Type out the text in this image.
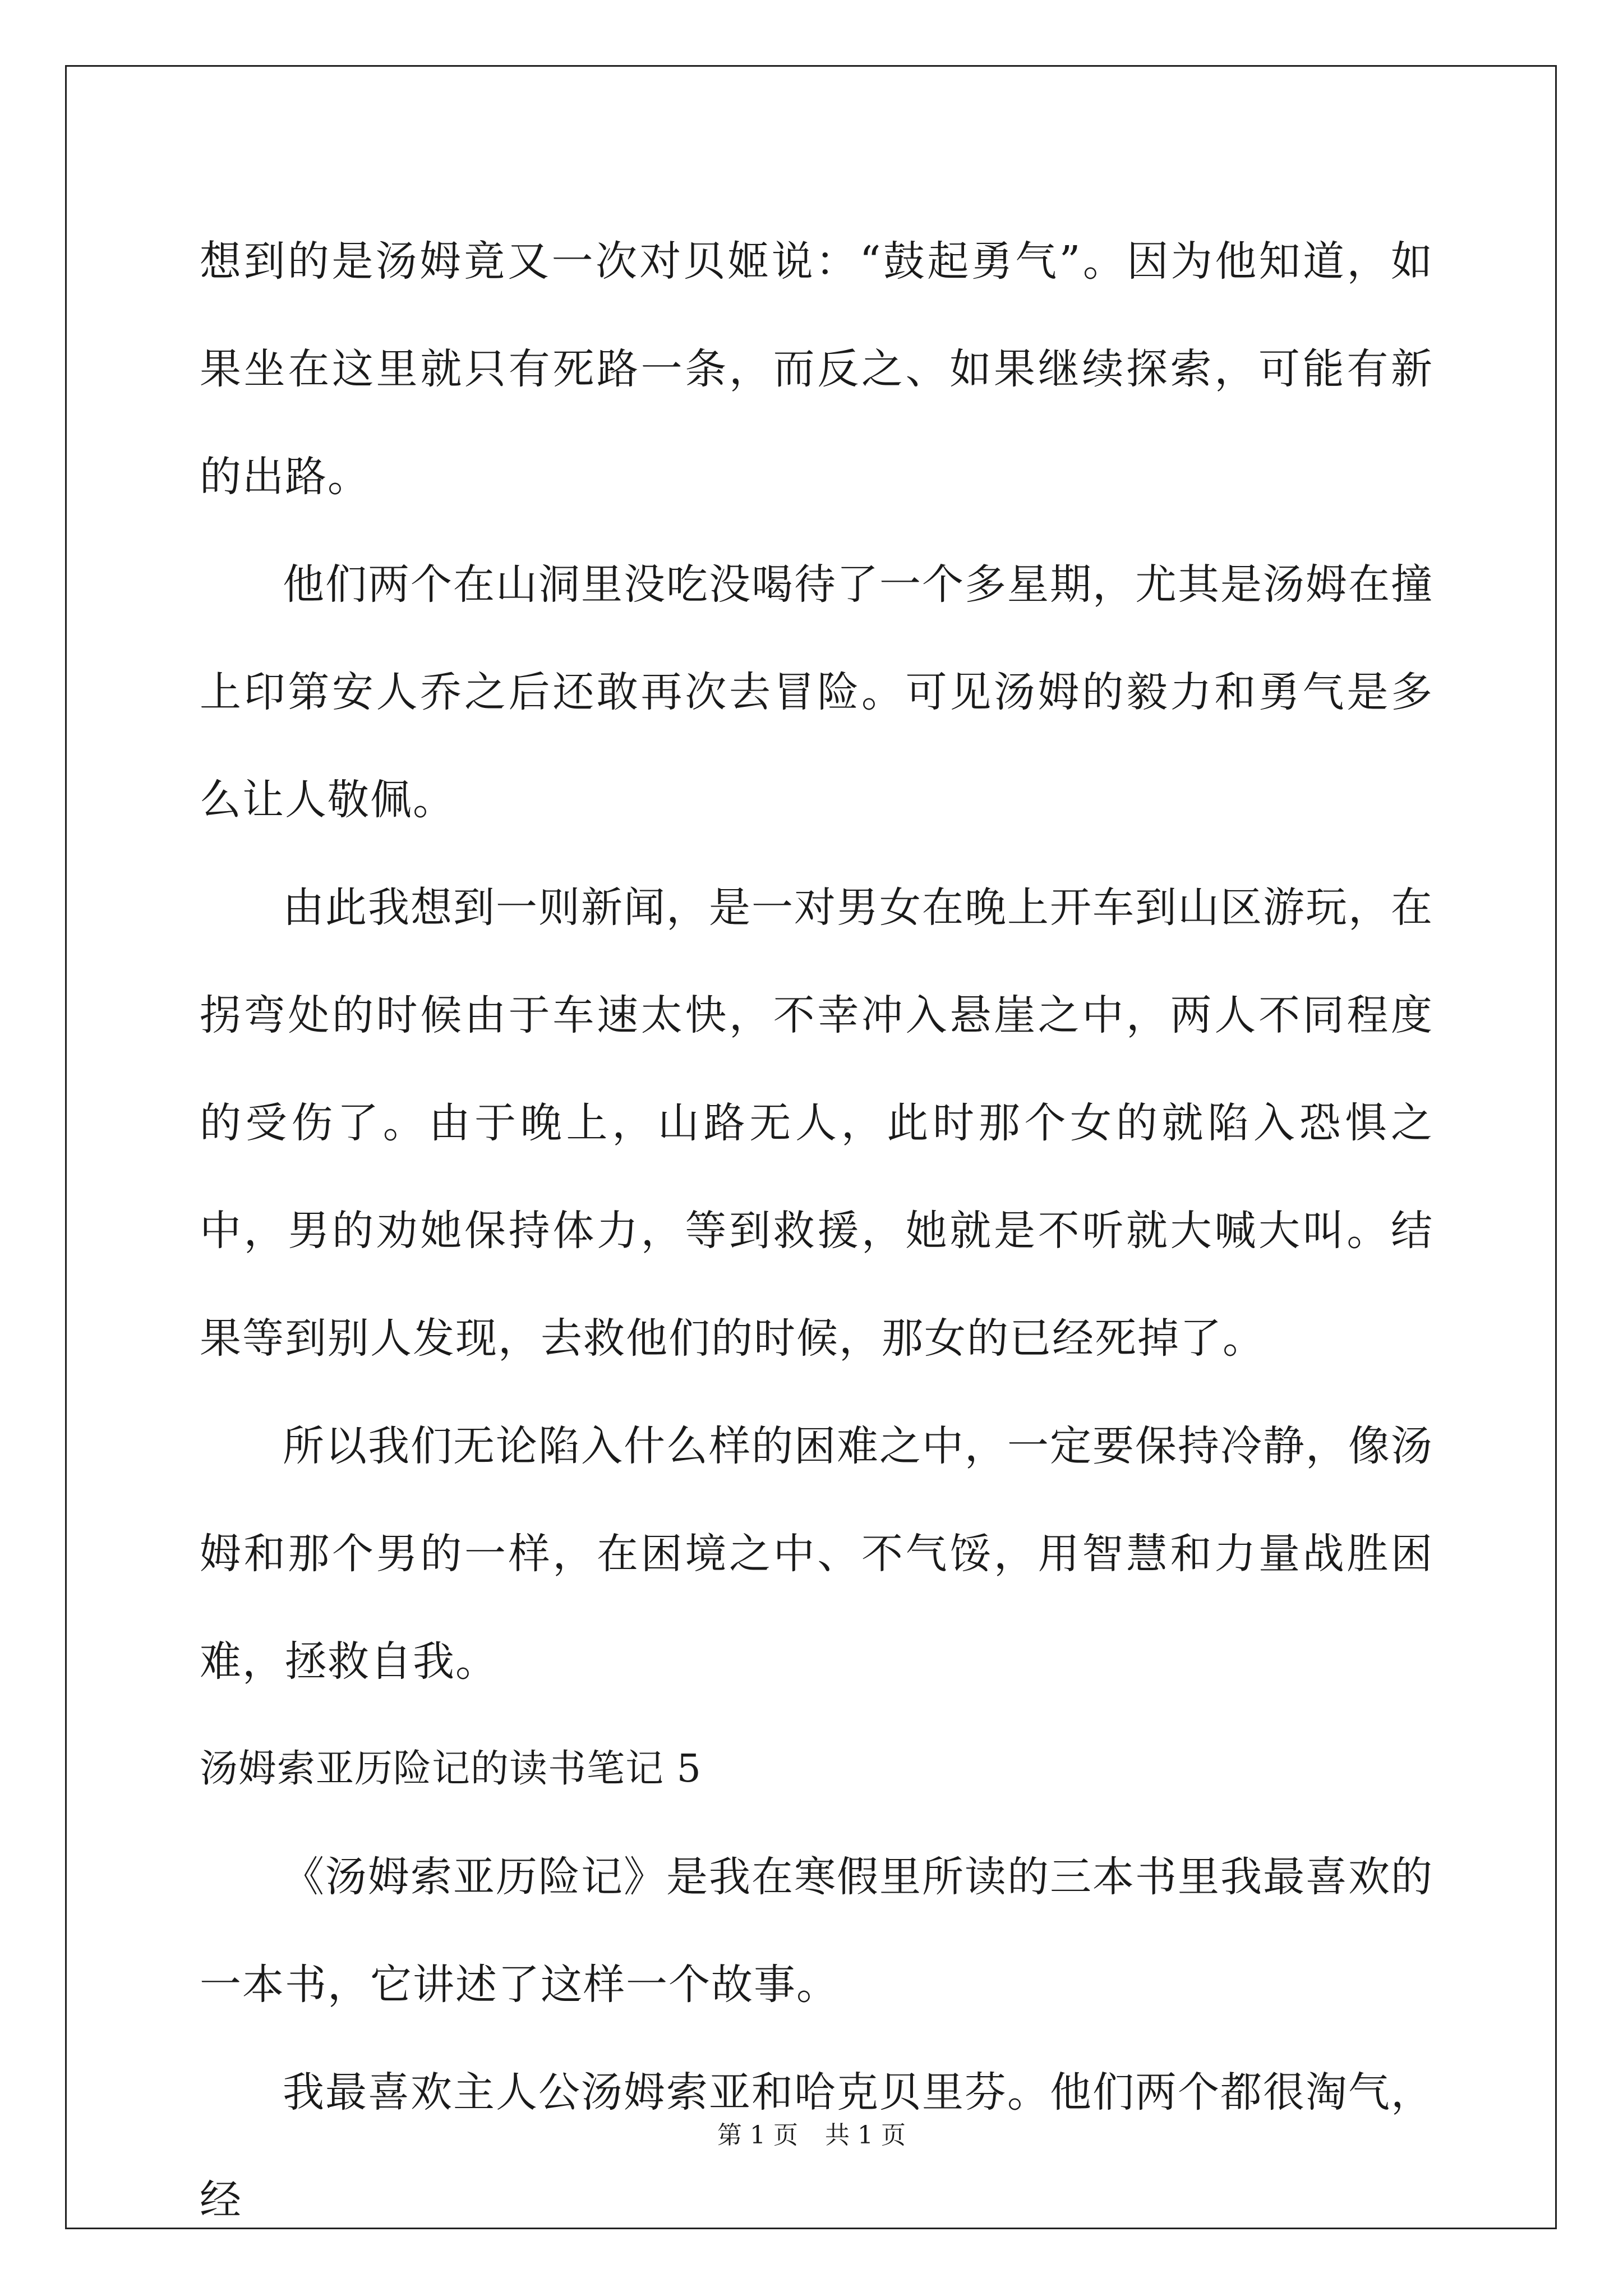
想到的是汤姆竟又一次对贝姬说：“鼓起勇气”。因为他知道，如果坐在这里就只有死路一条，而反之、如果继续探索，可能有新的出路。

他们两个在山洞里没吃没喝待了一个多星期，尤其是汤姆在撞上印第安人乔之后还敢再次去冒险。可见汤姆的毅力和勇气是多么让人敬佩。

由此我想到一则新闻，是一对男女在晚上开车到山区游玩，在拐弯处的时候由于车速太快，不幸冲入悬崖之中，两人不同程度的受伤了。由于晚上，山路无人，此时那个女的就陷入恐惧之中，男的劝她保持体力，等到救援，她就是不听就大喊大叫。结果等到别人发现，去救他们的时候，那女的已经死掉了。

所以我们无论陷入什么样的困难之中，一定要保持冷静，像汤姆和那个男的一样，在困境之中、不气馁，用智慧和力量战胜困难，拯救自我。

汤姆索亚历险记的读书笔记 5

《汤姆索亚历险记》是我在寒假里所读的三本书里我最喜欢的一本书，它讲述了这样一个故事。

我最喜欢主人公汤姆索亚和哈克贝里芬。他们两个都很淘气，经

第 1 页 共 1 页
